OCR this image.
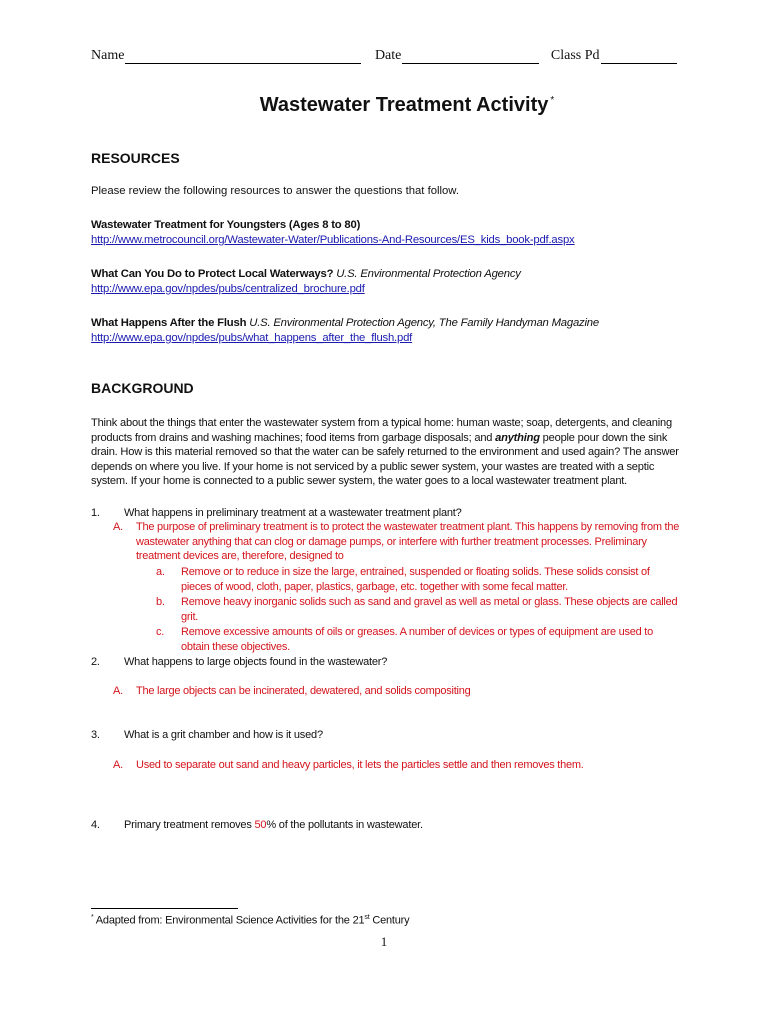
Name	Date	Class Pd
Wastewater Treatment Activity *
RESOURCES
Please review the following resources to answer the questions that follow.
Wastewater Treatment for Youngsters (Ages 8 to 80)
http://www.metrocouncil.org/Wastewater-Water/Publications-And-Resources/ES_kids_book-pdf.aspx
What Can You Do to Protect Local Waterways? U.S. Environmental Protection Agency
http://www.epa.gov/npdes/pubs/centralized_brochure.pdf
What Happens After the Flush U.S. Environmental Protection Agency, The Family Handyman Magazine
http://www.epa.gov/npdes/pubs/what_happens_after_the_flush.pdf
BACKGROUND
Think about the things that enter the wastewater system from a typical home: human waste; soap, detergents, and cleaning products from drains and washing machines; food items from garbage disposals; and anything people pour down the sink drain. How is this material removed so that the water can be safely returned to the environment and used again? The answer depends on where you live. If your home is not serviced by a public sewer system, your wastes are treated with a septic system. If your home is connected to a public sewer system, the water goes to a local wastewater treatment plant.
1. What happens in preliminary treatment at a wastewater treatment plant?
A. The purpose of preliminary treatment is to protect the wastewater treatment plant. This happens by removing from the wastewater anything that can clog or damage pumps, or interfere with further treatment processes. Preliminary treatment devices are, therefore, designed to
a. Remove or to reduce in size the large, entrained, suspended or floating solids. These solids consist of pieces of wood, cloth, paper, plastics, garbage, etc. together with some fecal matter.
b. Remove heavy inorganic solids such as sand and gravel as well as metal or glass. These objects are called grit.
c. Remove excessive amounts of oils or greases. A number of devices or types of equipment are used to obtain these objectives.
2. What happens to large objects found in the wastewater?
A. The large objects can be incinerated, dewatered, and solids compositing
3. What is a grit chamber and how is it used?
A. Used to separate out sand and heavy particles, it lets the particles settle and then removes them.
4. Primary treatment removes 50% of the pollutants in wastewater.
* Adapted from: Environmental Science Activities for the 21st Century
1
